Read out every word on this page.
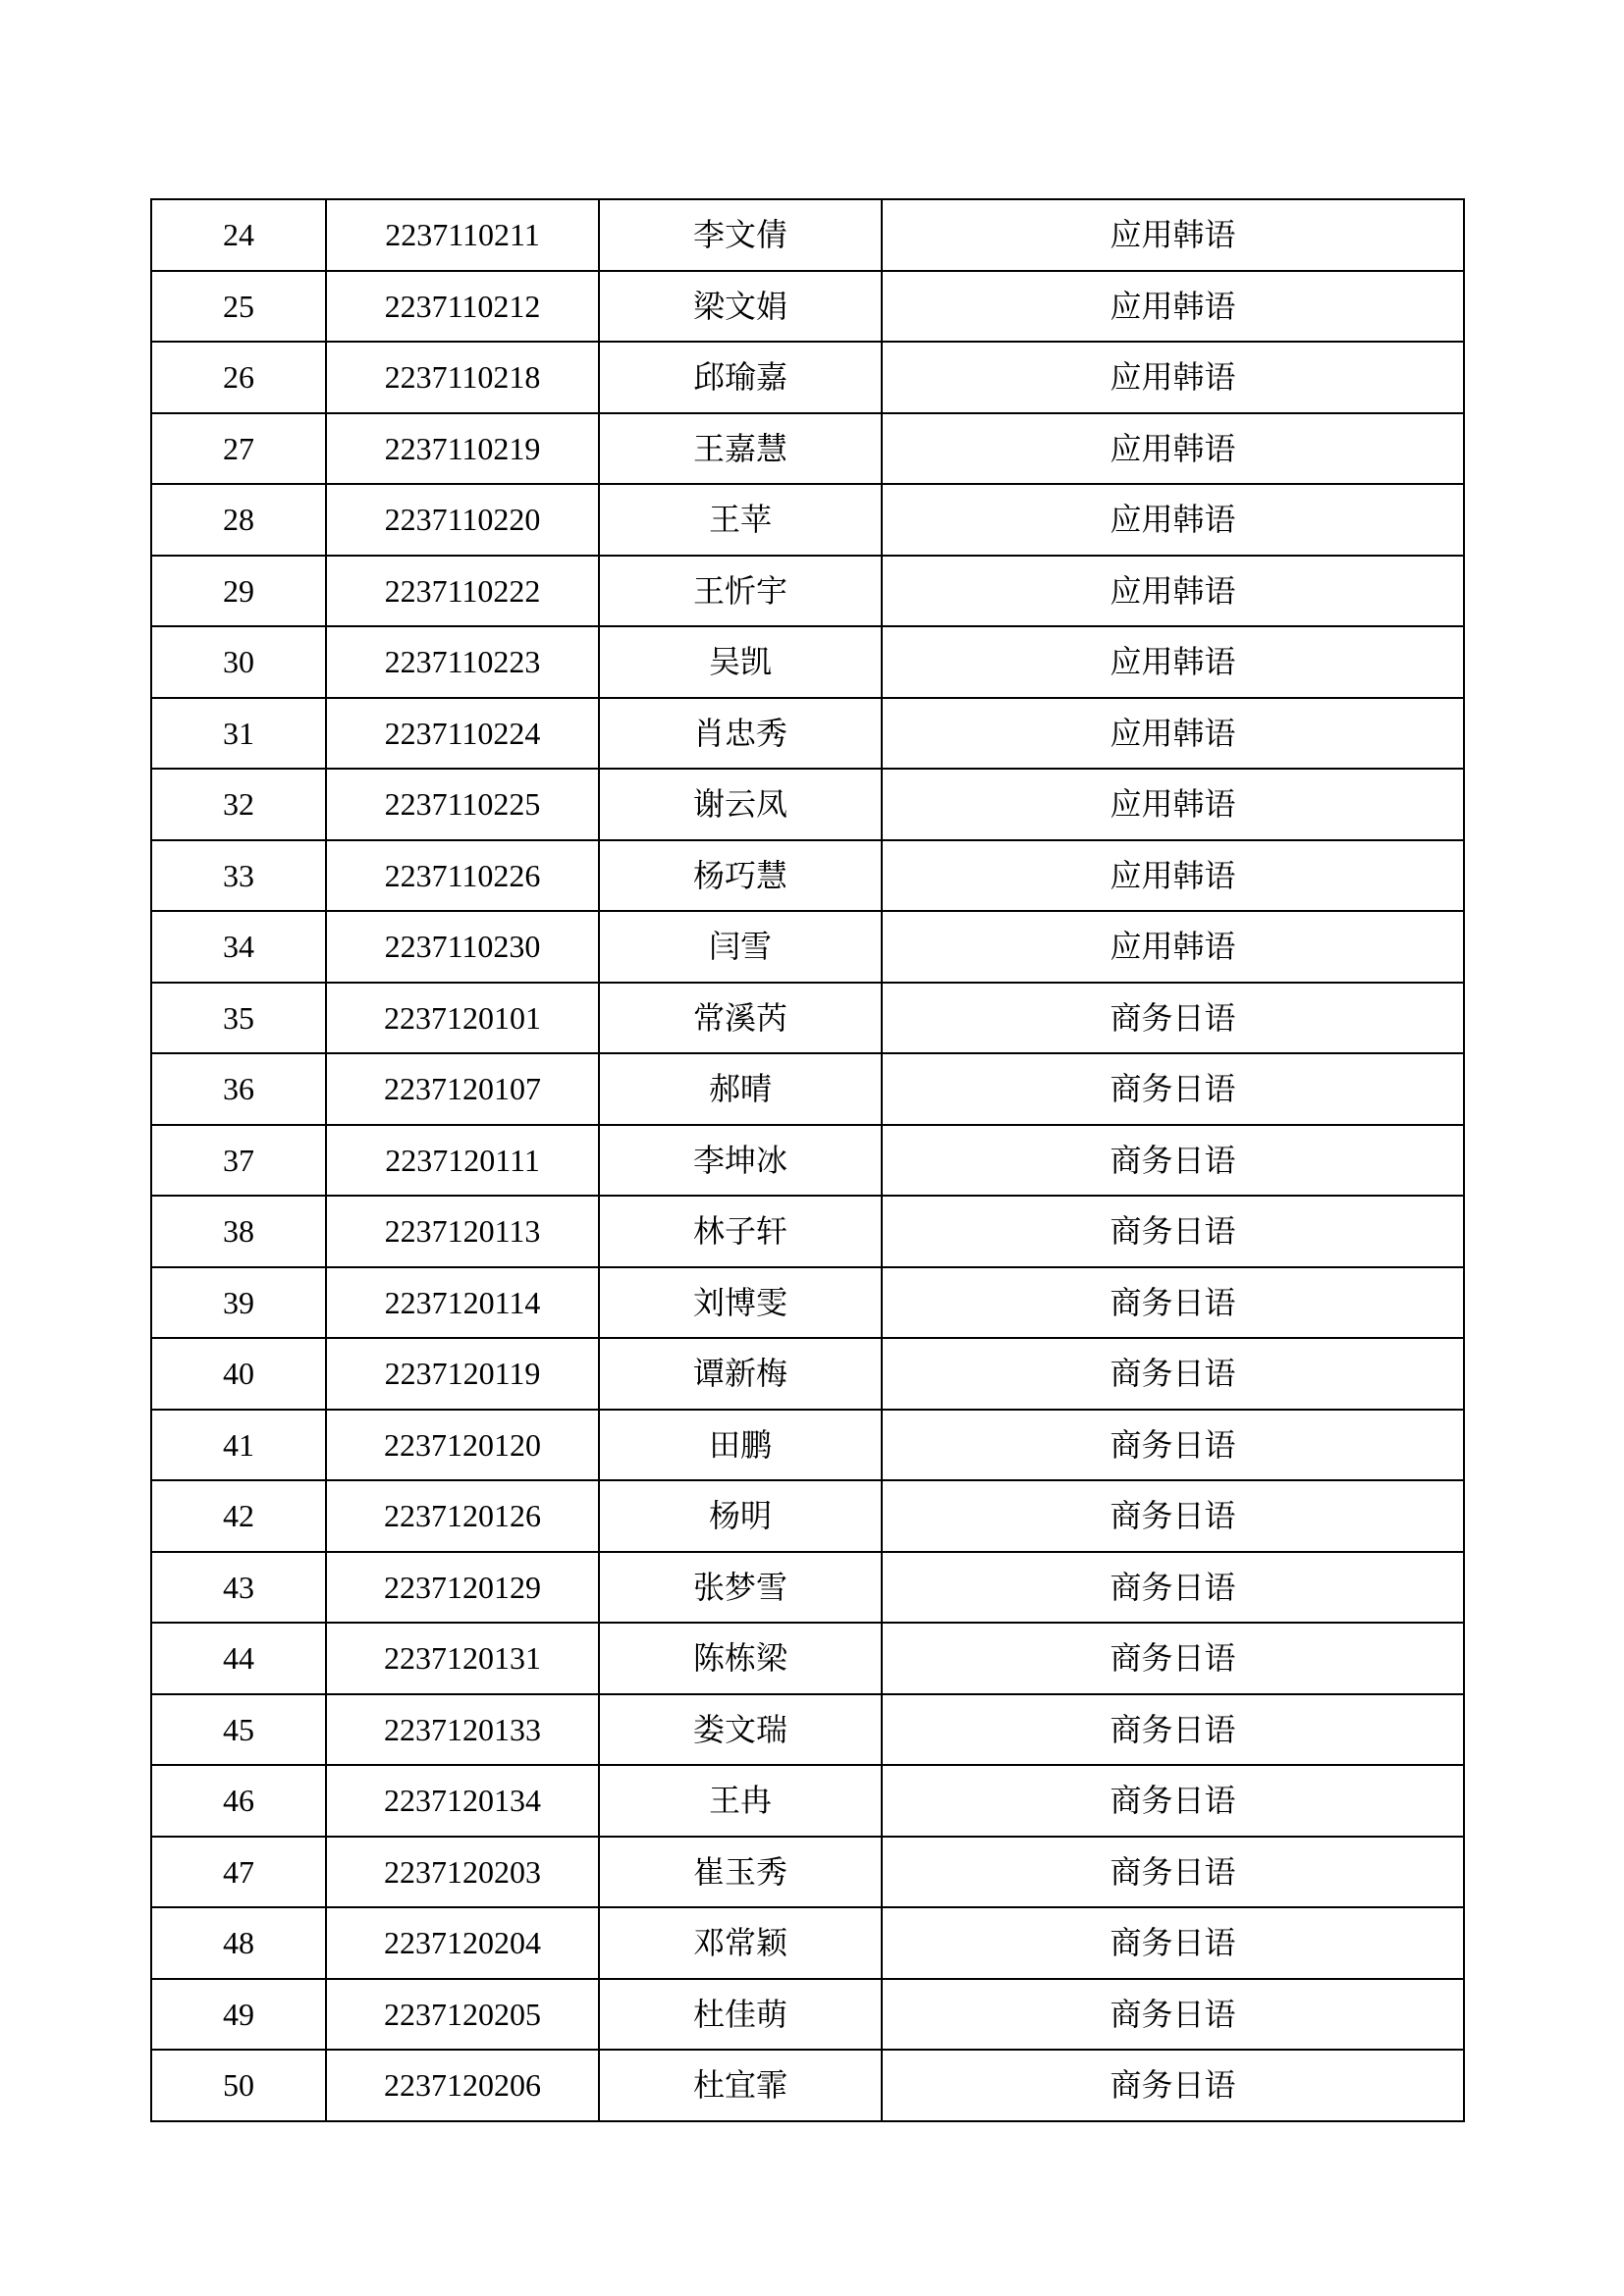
24	2237110211	李文倩	应用韩语
25	2237110212	梁文娟	应用韩语
26	2237110218	邱瑜嘉	应用韩语
27	2237110219	王嘉慧	应用韩语
28	2237110220	王苹	应用韩语
29	2237110222	王忻宇	应用韩语
30	2237110223	吴凯	应用韩语
31	2237110224	肖忠秀	应用韩语
32	2237110225	谢云凤	应用韩语
33	2237110226	杨巧慧	应用韩语
34	2237110230	闫雪	应用韩语
35	2237120101	常溪芮	商务日语
36	2237120107	郝晴	商务日语
37	2237120111	李坤冰	商务日语
38	2237120113	林子轩	商务日语
39	2237120114	刘博雯	商务日语
40	2237120119	谭新梅	商务日语
41	2237120120	田鹏	商务日语
42	2237120126	杨明	商务日语
43	2237120129	张梦雪	商务日语
44	2237120131	陈栋梁	商务日语
45	2237120133	娄文瑞	商务日语
46	2237120134	王冉	商务日语
47	2237120203	崔玉秀	商务日语
48	2237120204	邓常颖	商务日语
49	2237120205	杜佳萌	商务日语
50	2237120206	杜宜霏	商务日语
